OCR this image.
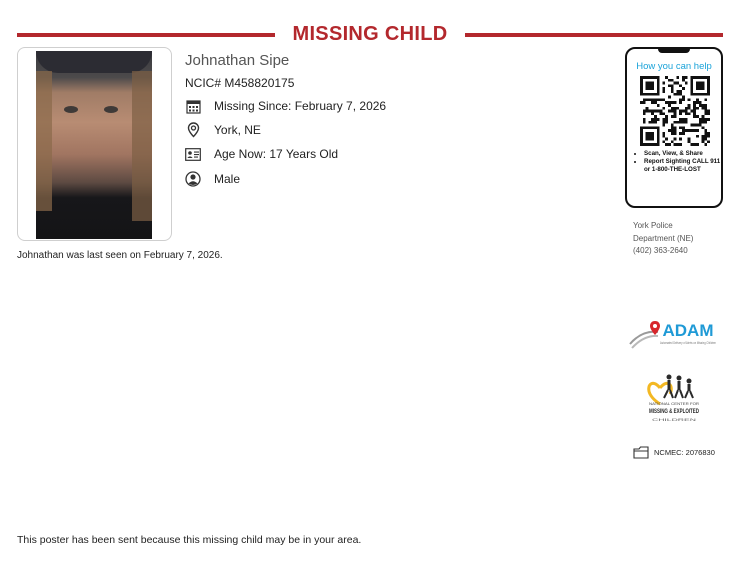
MISSING CHILD
Johnathan Sipe
NCIC# M458820175
Missing Since: February 7, 2026
York, NE
Age Now: 17 Years Old
Male
Johnathan was last seen on February 7, 2026.
How you can help
• Scan, View, & Share
• Report Sighting CALL 911 or 1-800-THE-LOST
York Police
Department (NE)
(402) 363-2640
ADAM
Automated Delivery of Alerts on Missing Children
NATIONAL CENTER FOR
MISSING & EXPLOITED
CHILDREN
NCMEC: 2076830
This poster has been sent because this missing child may be in your area.
